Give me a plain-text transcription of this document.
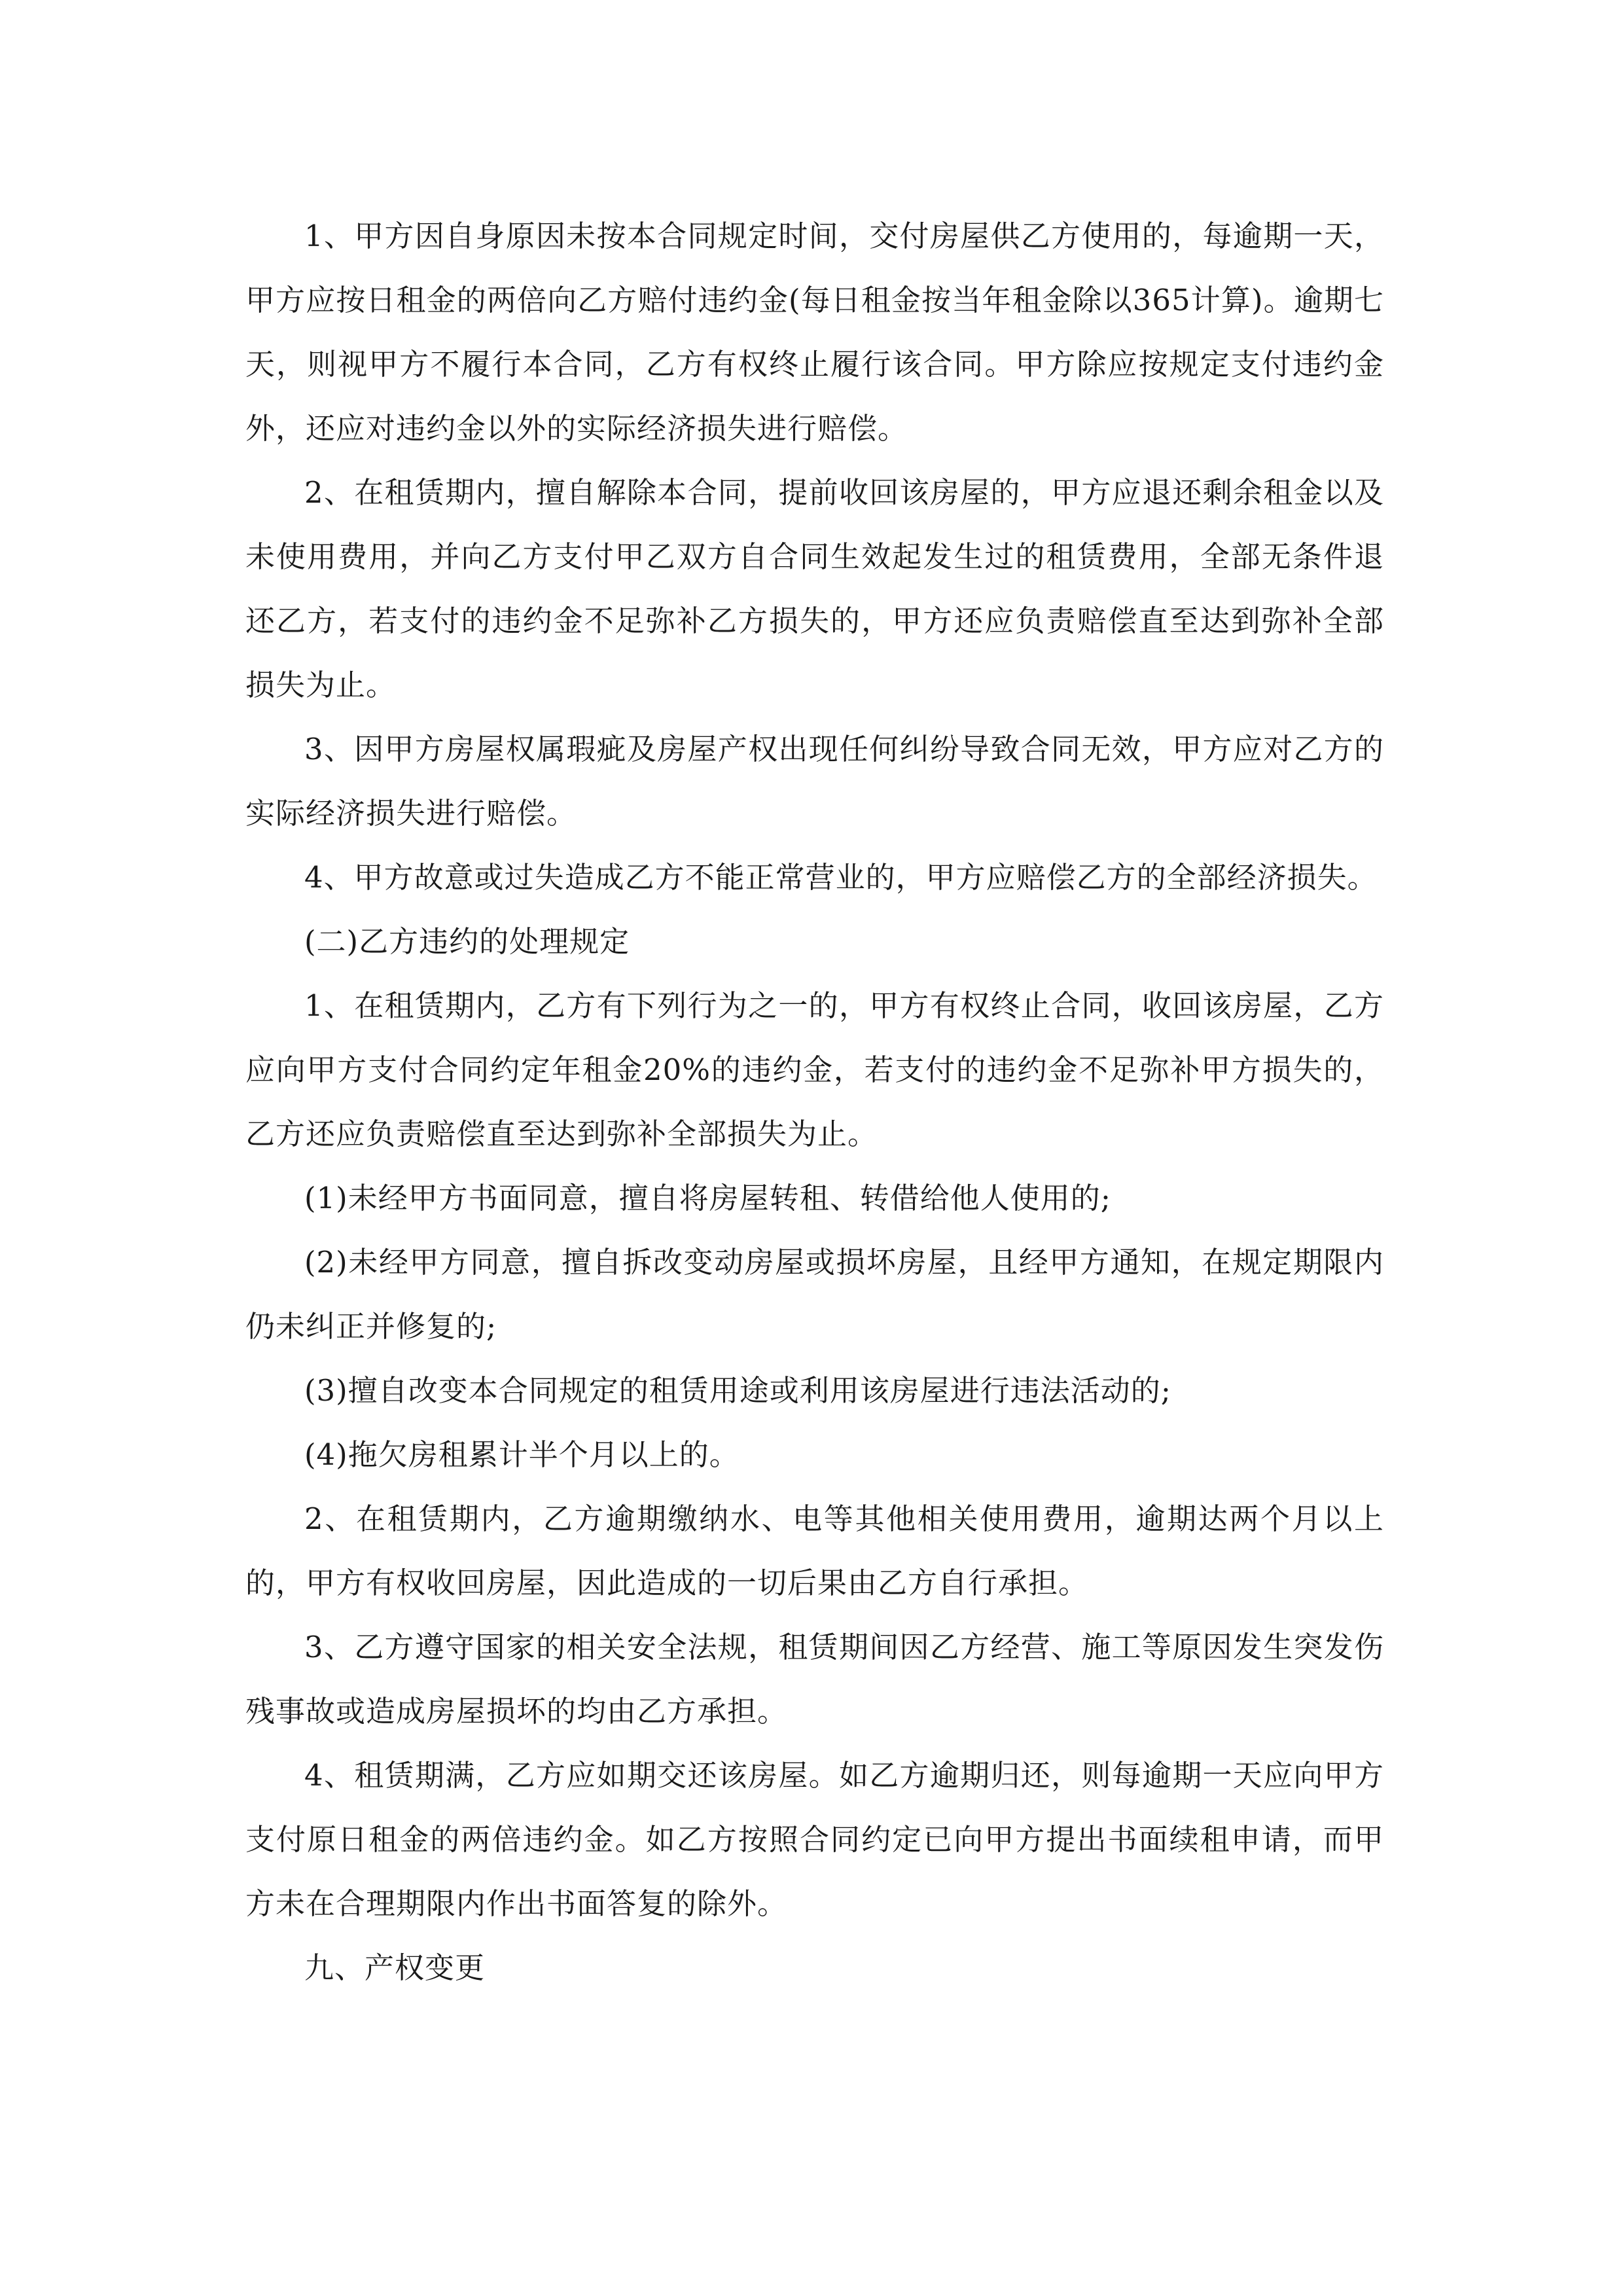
1、甲方因自身原因未按本合同规定时间，交付房屋供乙方使用的，每逾期一天，甲方应按日租金的两倍向乙方赔付违约金(每日租金按当年租金除以365计算)。逾期七天，则视甲方不履行本合同，乙方有权终止履行该合同。甲方除应按规定支付违约金外，还应对违约金以外的实际经济损失进行赔偿。

2、在租赁期内，擅自解除本合同，提前收回该房屋的，甲方应退还剩余租金以及未使用费用，并向乙方支付甲乙双方自合同生效起发生过的租赁费用，全部无条件退还乙方，若支付的违约金不足弥补乙方损失的，甲方还应负责赔偿直至达到弥补全部损失为止。

3、因甲方房屋权属瑕疵及房屋产权出现任何纠纷导致合同无效，甲方应对乙方的实际经济损失进行赔偿。

4、甲方故意或过失造成乙方不能正常营业的，甲方应赔偿乙方的全部经济损失。

(二)乙方违约的处理规定

1、在租赁期内，乙方有下列行为之一的，甲方有权终止合同，收回该房屋，乙方应向甲方支付合同约定年租金20%的违约金，若支付的违约金不足弥补甲方损失的，乙方还应负责赔偿直至达到弥补全部损失为止。

(1)未经甲方书面同意，擅自将房屋转租、转借给他人使用的;

(2)未经甲方同意，擅自拆改变动房屋或损坏房屋，且经甲方通知，在规定期限内仍未纠正并修复的;

(3)擅自改变本合同规定的租赁用途或利用该房屋进行违法活动的;

(4)拖欠房租累计半个月以上的。

2、在租赁期内，乙方逾期缴纳水、电等其他相关使用费用，逾期达两个月以上的，甲方有权收回房屋，因此造成的一切后果由乙方自行承担。

3、乙方遵守国家的相关安全法规，租赁期间因乙方经营、施工等原因发生突发伤残事故或造成房屋损坏的均由乙方承担。

4、租赁期满，乙方应如期交还该房屋。如乙方逾期归还，则每逾期一天应向甲方支付原日租金的两倍违约金。如乙方按照合同约定已向甲方提出书面续租申请，而甲方未在合理期限内作出书面答复的除外。

九、产权变更
